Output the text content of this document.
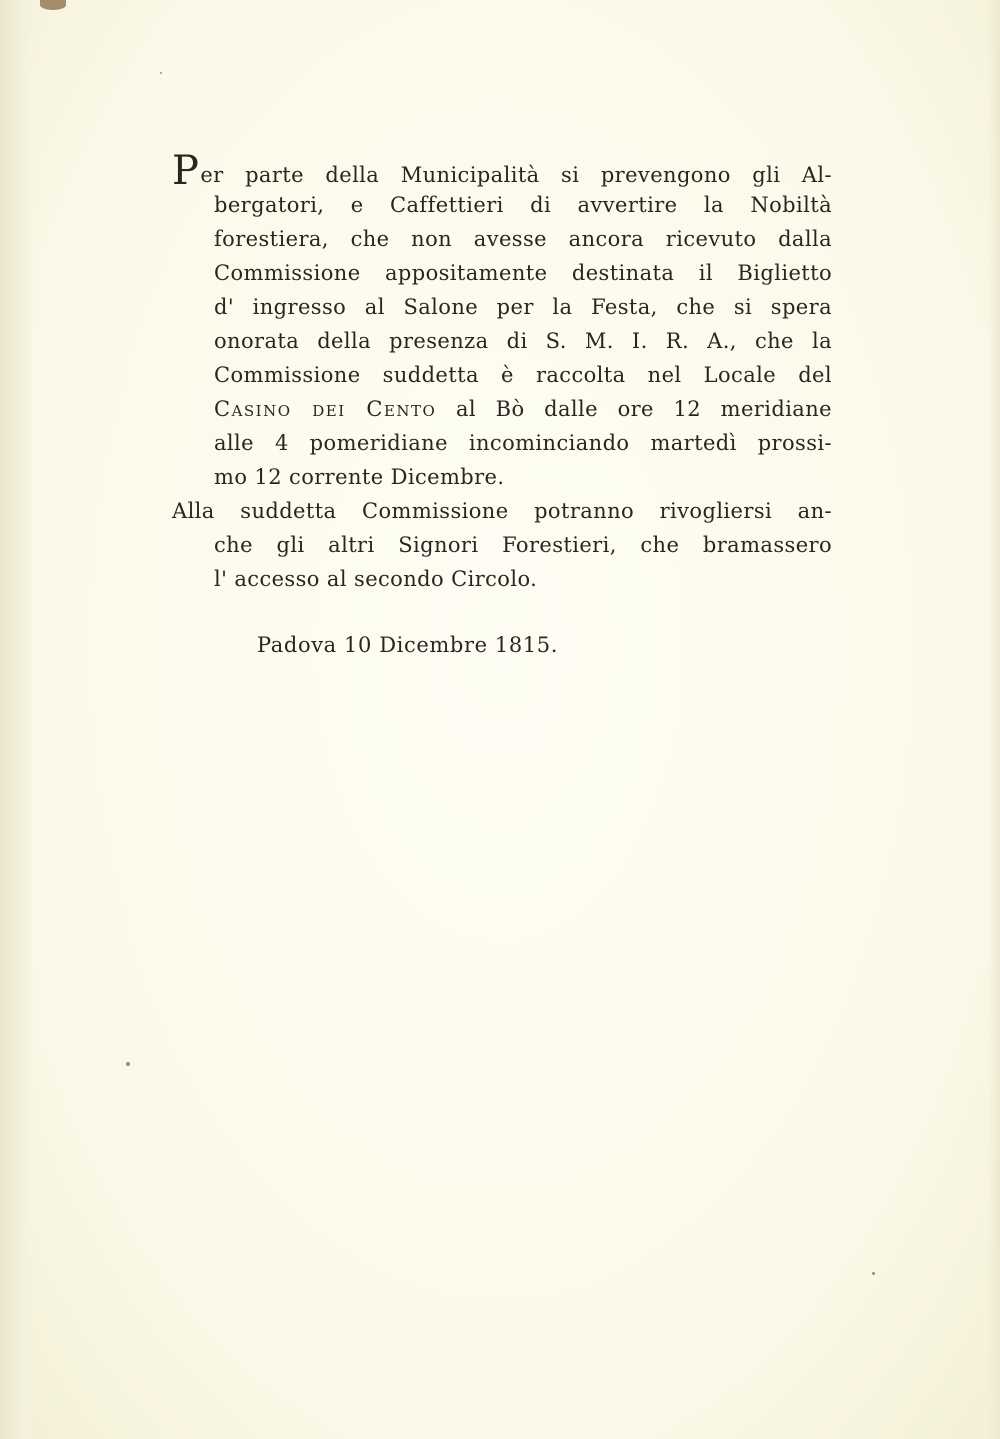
Per parte della Municipalità si prevengono gli Al-
bergatori, e Caffettieri di avvertire la Nobiltà
forestiera, che non avesse ancora ricevuto dalla
Commissione appositamente destinata il Biglietto
d' ingresso al Salone per la Festa, che si spera
onorata della presenza di S. M. I. R. A., che la
Commissione suddetta è raccolta nel Locale del
Casino dei Cento al Bò dalle ore 12 meridiane
alle 4 pomeridiane incominciando martedì prossi-
mo 12 corrente Dicembre.
Alla suddetta Commissione potranno rivogliersi an-
che gli altri Signori Forestieri, che bramassero
l' accesso al secondo Circolo.
Padova 10 Dicembre 1815.
